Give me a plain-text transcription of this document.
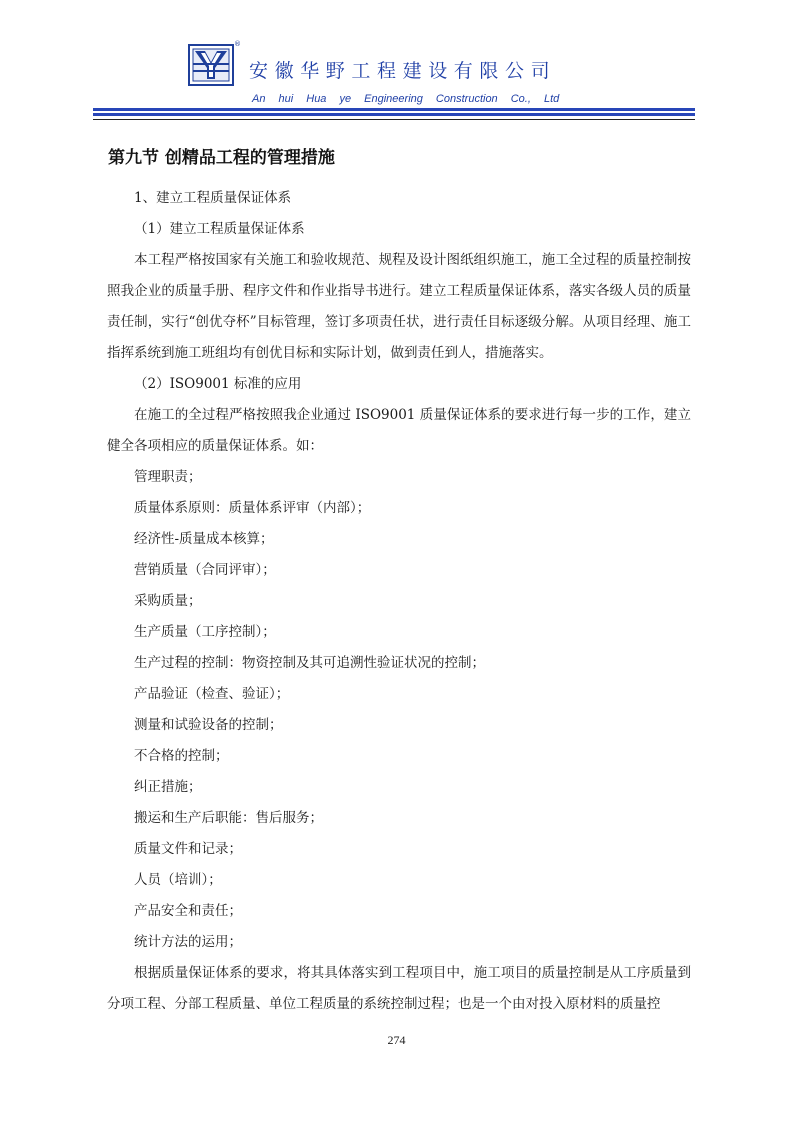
®
安徽华野工程建设有限公司
An hui Hua ye Engineering Construction Co., Ltd
第九节 创精品工程的管理措施

1、建立工程质量保证体系

（1）建立工程质量保证体系

本工程严格按国家有关施工和验收规范、规程及设计图纸组织施工，施工全过程的质量控制按照我企业的质量手册、程序文件和作业指导书进行。建立工程质量保证体系，落实各级人员的质量责任制，实行“创优夺杯”目标管理，签订多项责任状，进行责任目标逐级分解。从项目经理、施工指挥系统到施工班组均有创优目标和实际计划，做到责任到人，措施落实。

（2）ISO9001 标准的应用

在施工的全过程严格按照我企业通过 ISO9001 质量保证体系的要求进行每一步的工作，建立健全各项相应的质量保证体系。如：

管理职责；

质量体系原则：质量体系评审（内部）；

经济性-质量成本核算；

营销质量（合同评审）；

采购质量；

生产质量（工序控制）；

生产过程的控制：物资控制及其可追溯性验证状况的控制；

产品验证（检查、验证）；

测量和试验设备的控制；

不合格的控制；

纠正措施；

搬运和生产后职能：售后服务；

质量文件和记录；

人员（培训）；

产品安全和责任；

统计方法的运用；

根据质量保证体系的要求，将其具体落实到工程项目中，施工项目的质量控制是从工序质量到分项工程、分部工程质量、单位工程质量的系统控制过程；也是一个由对投入原材料的质量控

274
